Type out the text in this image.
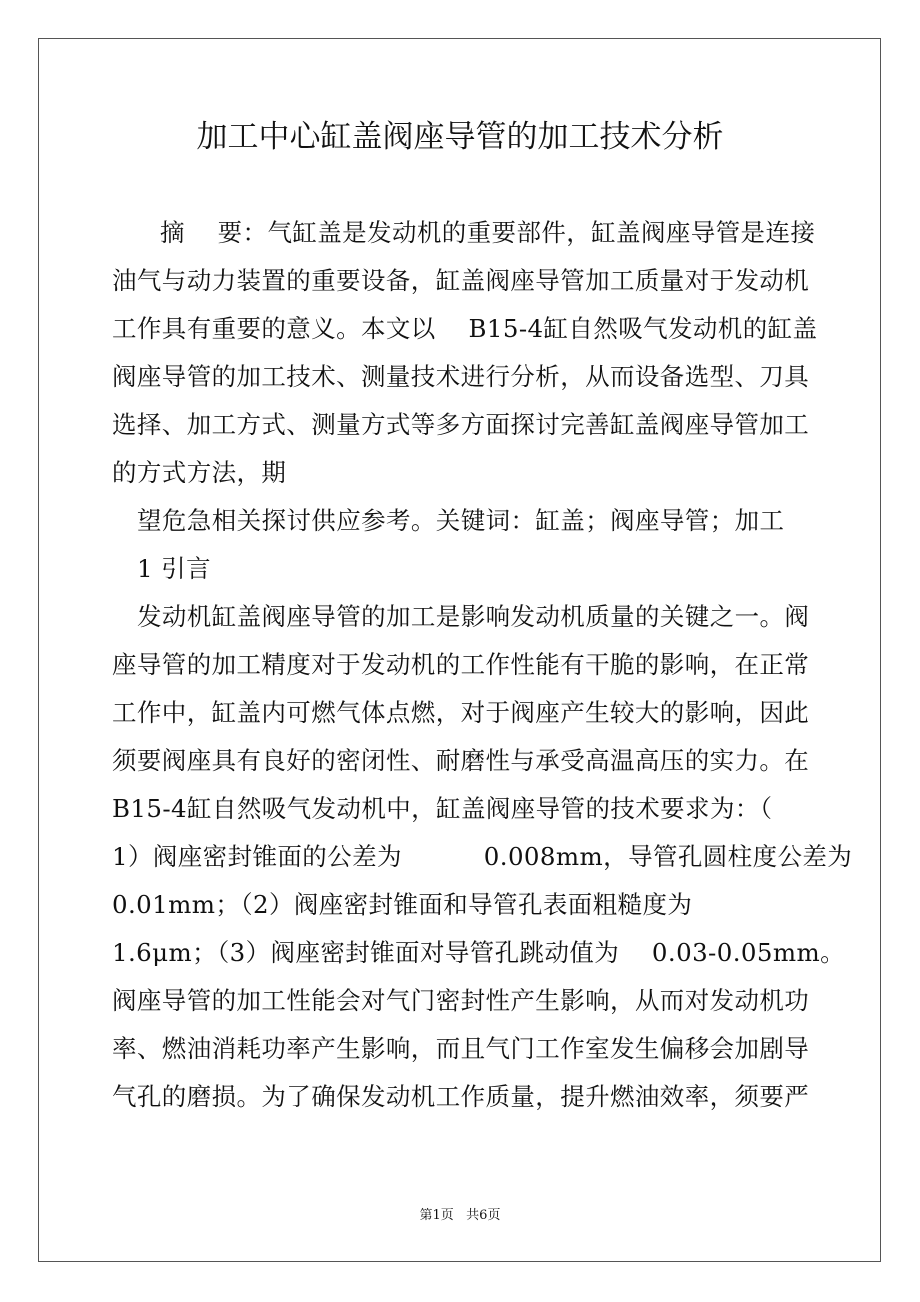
加工中心缸盖阀座导管的加工技术分析
摘    要：气缸盖是发动机的重要部件，缸盖阀座导管是连接
油气与动力装置的重要设备，缸盖阀座导管加工质量对于发动机
工作具有重要的意义。本文以    B15-4缸自然吸气发动机的缸盖
阀座导管的加工技术、测量技术进行分析，从而设备选型、刀具
选择、加工方式、测量方式等多方面探讨完善缸盖阀座导管加工
的方式方法，期
望危急相关探讨供应参考。关键词：缸盖；阀座导管；加工
1 引言
发动机缸盖阀座导管的加工是影响发动机质量的关键之一。阀
座导管的加工精度对于发动机的工作性能有干脆的影响，在正常
工作中，缸盖内可燃气体点燃，对于阀座产生较大的影响，因此
须要阀座具有良好的密闭性、耐磨性与承受高温高压的实力。在
B15-4缸自然吸气发动机中，缸盖阀座导管的技术要求为：（
1）阀座密封锥面的公差为          0.008mm，导管孔圆柱度公差为
0.01mm；（2）阀座密封锥面和导管孔表面粗糙度为
1.6μm；（3）阀座密封锥面对导管孔跳动值为    0.03-0.05mm。
阀座导管的加工性能会对气门密封性产生影响，从而对发动机功
率、燃油消耗功率产生影响，而且气门工作室发生偏移会加剧导
气孔的磨损。为了确保发动机工作质量，提升燃油效率，须要严
第1页   共6页
